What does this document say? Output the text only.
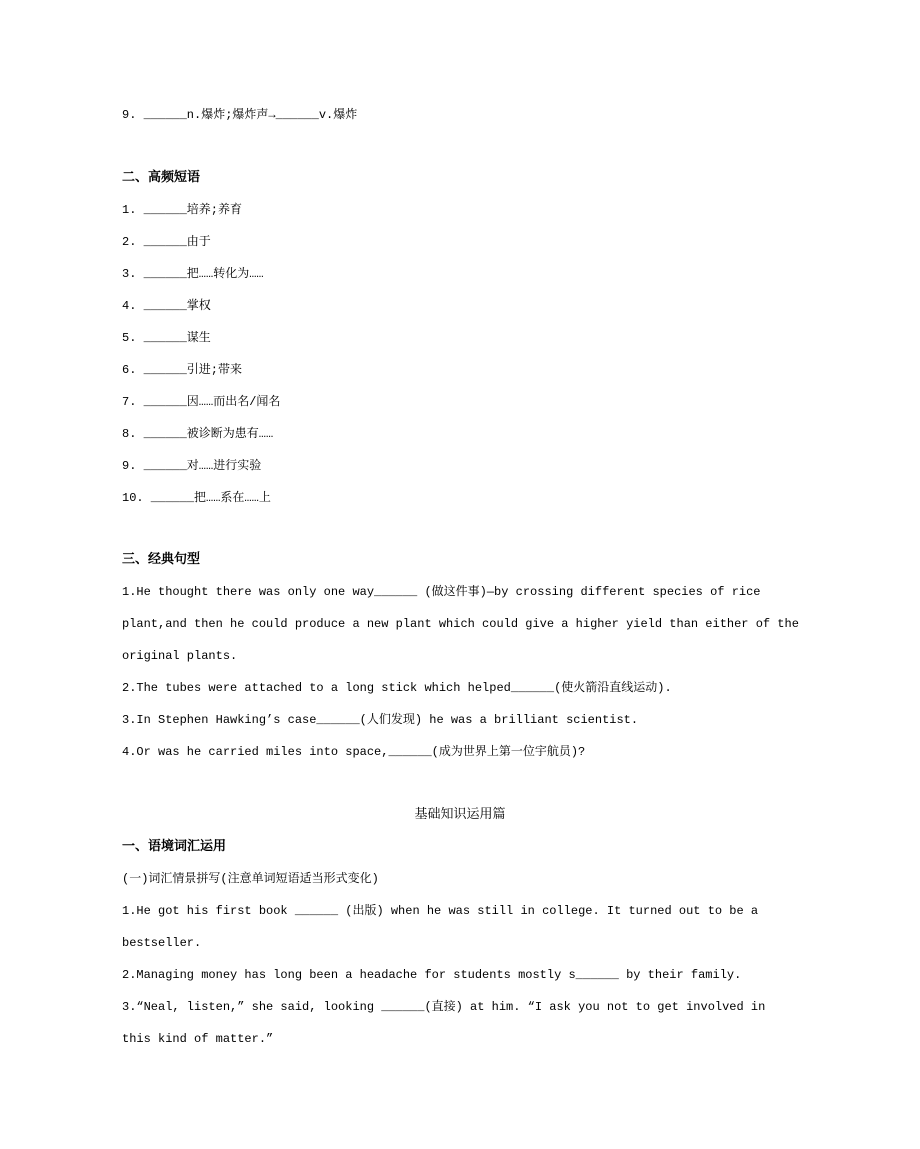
9. ______n.爆炸;爆炸声→______v.爆炸
二、高频短语
1. ______培养;养育
2. ______由于
3. ______把……转化为……
4. ______掌权
5. ______谋生
6. ______引进;带来
7. ______因……而出名/闻名
8. ______被诊断为患有……
9. ______对……进行实验
10. ______把……系在……上
三、经典句型
1.He thought there was only one way______ (做这件事)—by crossing different species of rice
plant,and then he could produce a new plant which could give a higher yield than either of the
original plants.
2.The tubes were attached to a long stick which helped______(使火箭沿直线运动).
3.In Stephen Hawking’s case______(人们发现) he was a brilliant scientist.
4.Or was he carried miles into space,______(成为世界上第一位宇航员)?
基础知识运用篇
一、语境词汇运用
(一)词汇情景拼写(注意单词短语适当形式变化)
1.He got his first book ______ (出版) when he was still in college. It turned out to be a
bestseller.
2.Managing money has long been a headache for students mostly s______ by their family.
3.“Neal, listen,” she said, looking ______(直接) at him. “I ask you not to get involved in
this kind of matter.”
